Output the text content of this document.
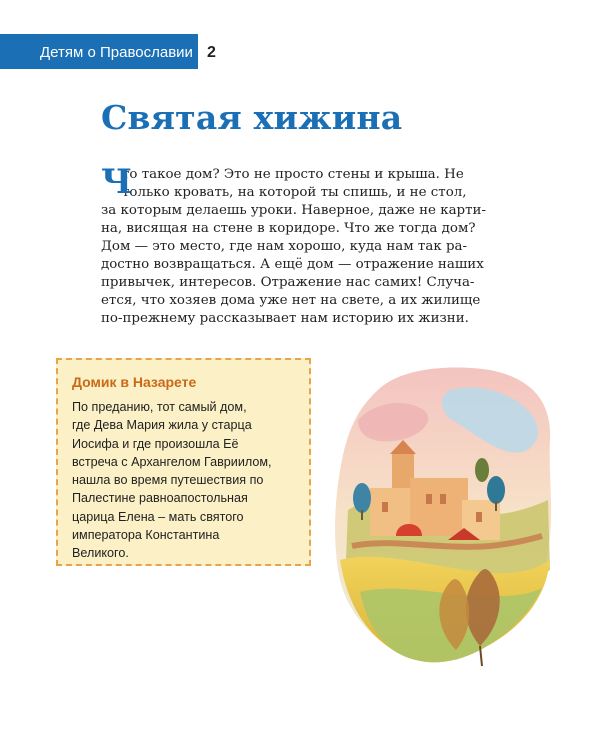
Детям о Православии 2
Святая хижина
Ч
то такое дом? Это не просто стены и крыша. Не
только кровать, на которой ты спишь, и не стол,
за которым делаешь уроки. Наверное, даже не карти-
на, висящая на стене в коридоре. Что же тогда дом?
Дом — это место, где нам хорошо, куда нам так ра-
достно возвращаться. А ещё дом — отражение наших
привычек, интересов. Отражение нас самих! Случа-
ется, что хозяев дома уже нет на свете, а их жилище
по-прежнему рассказывает нам историю их жизни.
Домик в Назарете
По преданию, тот самый дом,
где Дева Мария жила у старца
Иосифа и где произошла Её
встреча с Архангелом Гавриилом,
нашла во время путешествия по
Палестине равноапостольная
царица Елена – мать святого
императора Константина
Великого.
